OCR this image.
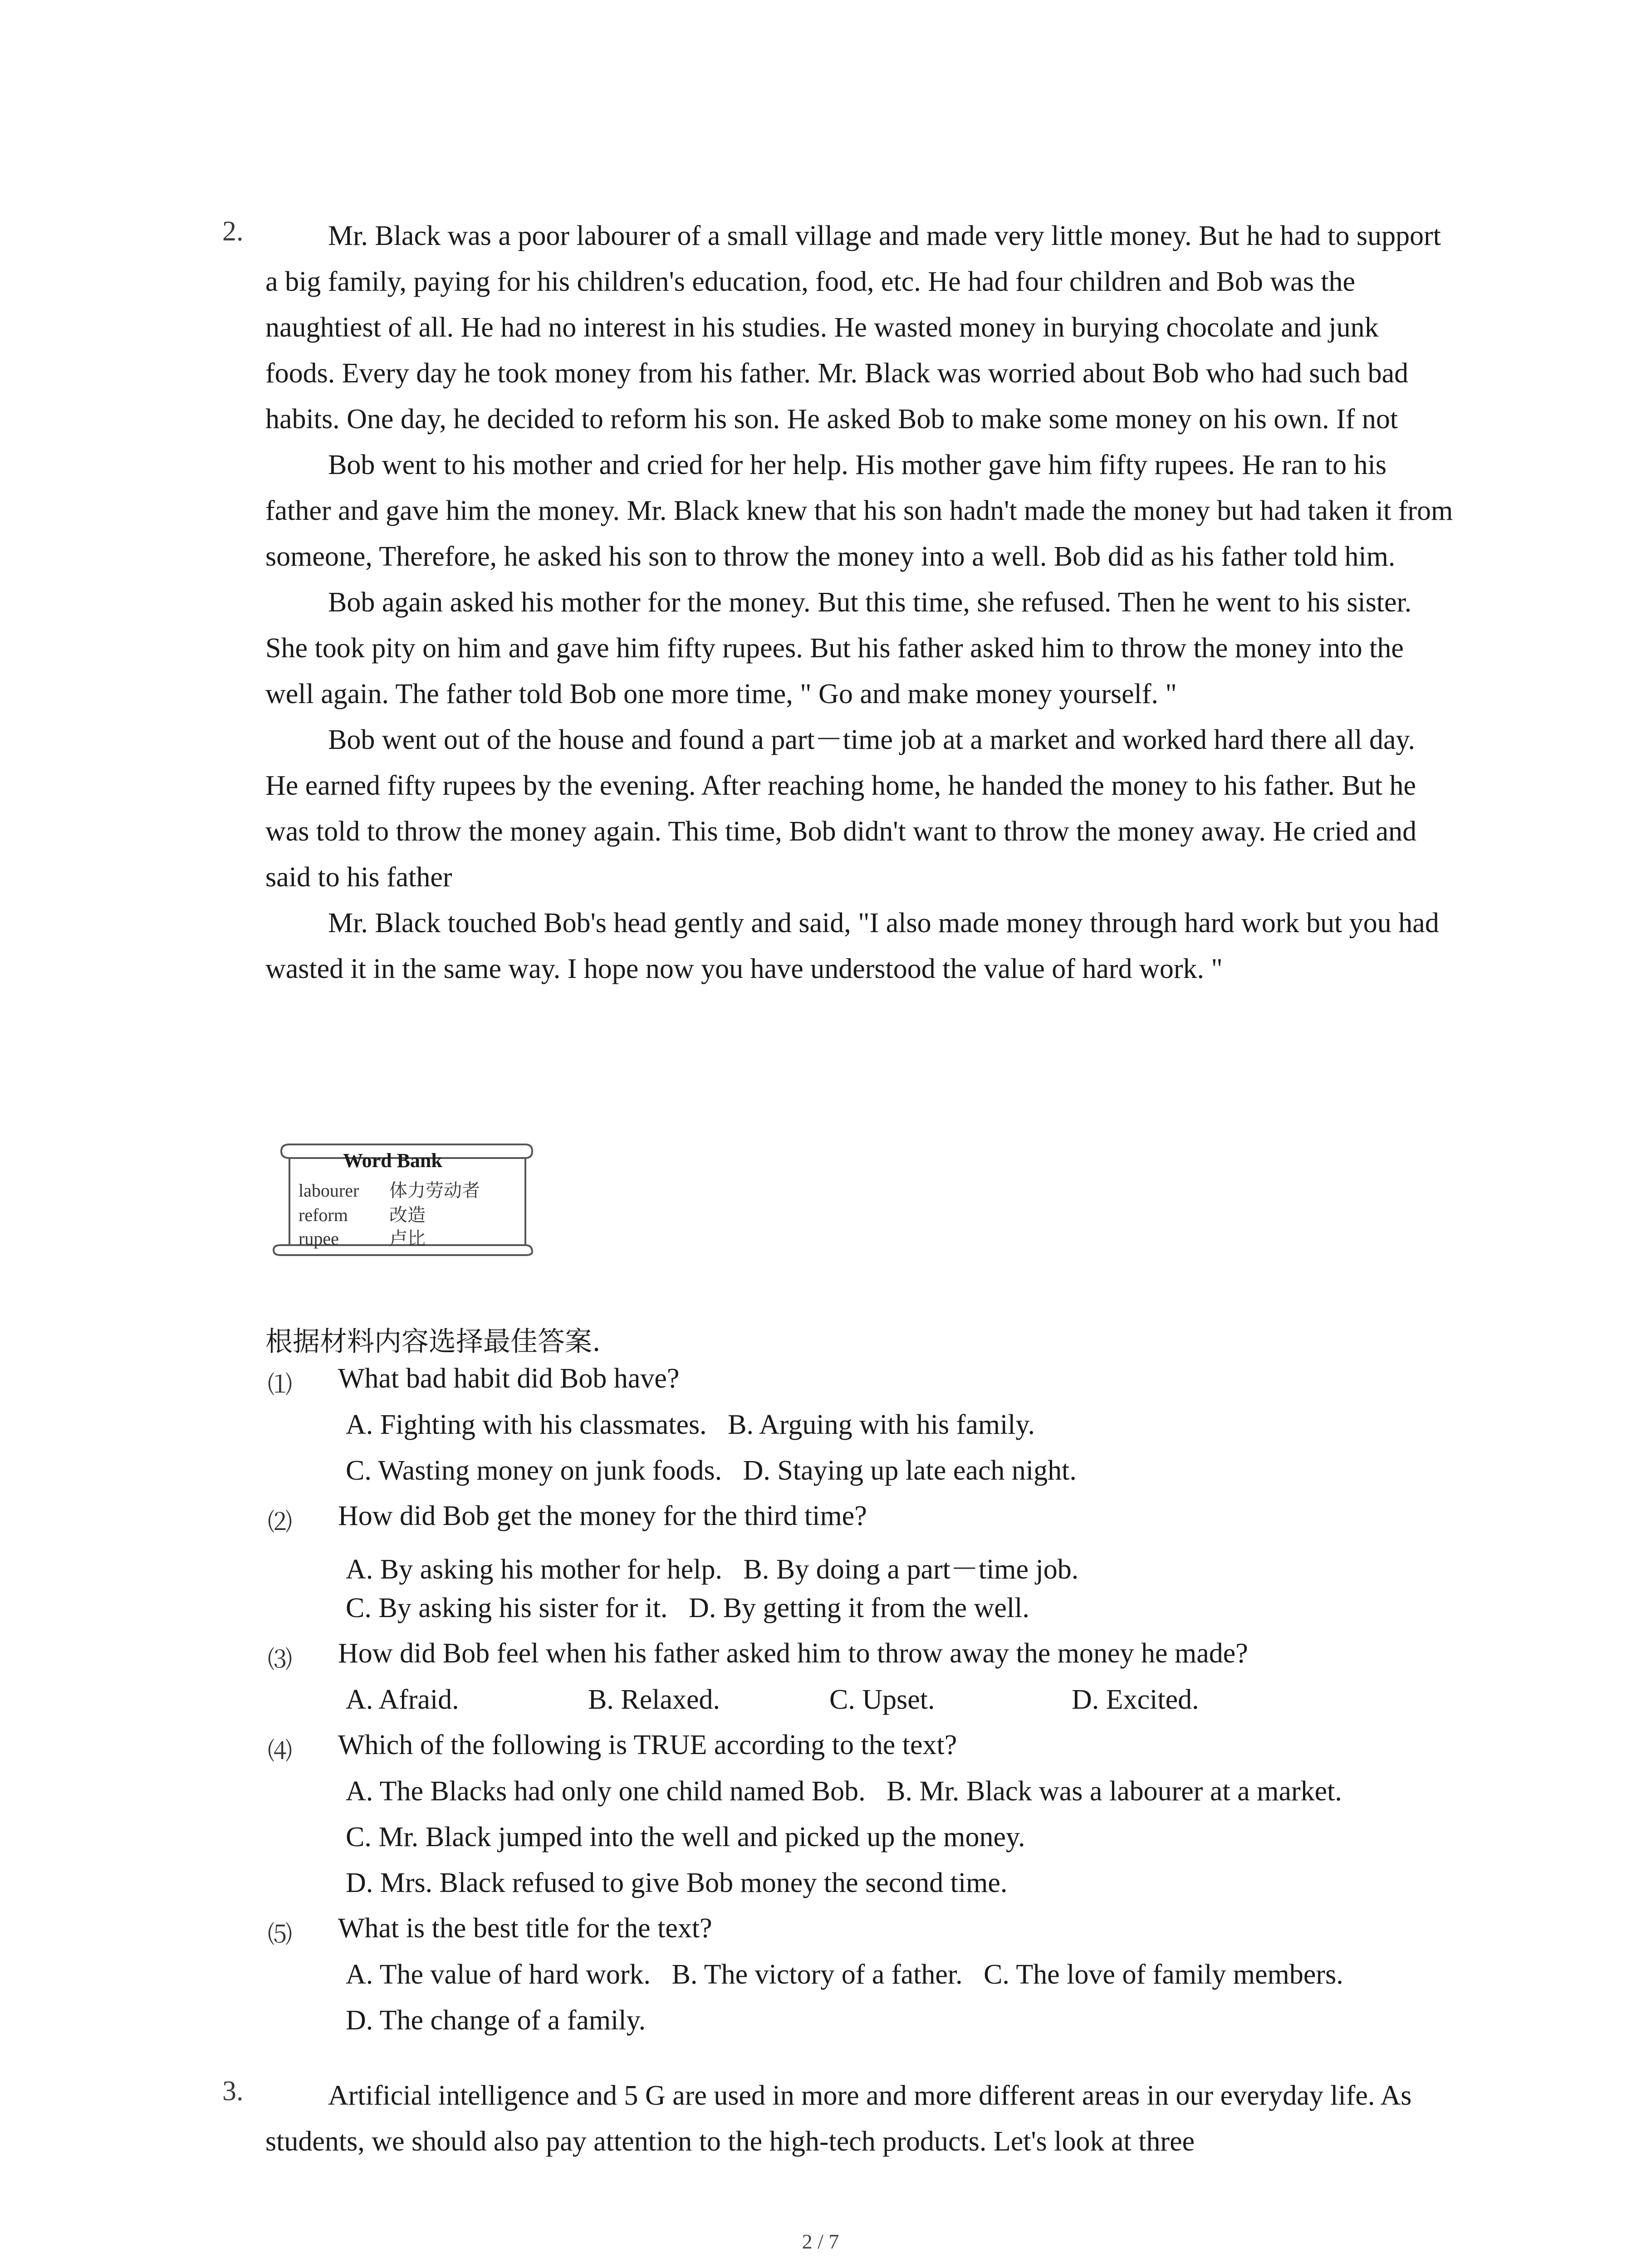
2.	Mr. Black was a poor labourer of a small village and made very little money. But he had to support a big family, paying for his children's education, food, etc. He had four children and Bob was the naughtiest of all. He had no interest in his studies. He wasted money in burying chocolate and junk foods. Every day he took money from his father. Mr. Black was worried about Bob who had such bad habits. One day, he decided to reform his son. He asked Bob to make some money on his own. If not

Bob went to his mother and cried for her help. His mother gave him fifty rupees. He ran to his father and gave him the money. Mr. Black knew that his son hadn't made the money but had taken it from someone, Therefore, he asked his son to throw the money into a well. Bob did as his father told him.

Bob again asked his mother for the money. But this time, she refused. Then he went to his sister. She took pity on him and gave him fifty rupees. But his father asked him to throw the money into the well again. The father told Bob one more time, " Go and make money yourself. "

Bob went out of the house and found a part－time job at a market and worked hard there all day. He earned fifty rupees by the evening. After reaching home, he handed the money to his father. But he was told to throw the money again. This time, Bob didn't want to throw the money away. He cried and said to his father

Mr. Black touched Bob's head gently and said, "I also made money through hard work but you had wasted it in the same way. I hope now you have understood the value of hard work. "

Word Bank
labourer 体力劳动者
reform 改造
rupee	卢比
根据材料内容选择最佳答案.
⑴ What bad habit did Bob have?
A. Fighting with his classmates.   B. Arguing with his family.
C. Wasting money on junk foods.   D. Staying up late each night.
⑵ How did Bob get the money for the third time?
A. By asking his mother for help.   B. By doing a part－time job.
C. By asking his sister for it.   D. By getting it from the well.
⑶ How did Bob feel when his father asked him to throw away the money he made?
A. Afraid.	B. Relaxed.	C. Upset.	D. Excited.
⑷ Which of the following is TRUE according to the text?
A. The Blacks had only one child named Bob.   B. Mr. Black was a labourer at a market.
C. Mr. Black jumped into the well and picked up the money.
D. Mrs. Black refused to give Bob money the second time.
⑸ What is the best title for the text?
A. The value of hard work.   B. The victory of a father.   C. The love of family members.
D. The change of a family.
3.	Artificial intelligence and 5 G are used in more and more different areas in our everyday life. As students, we should also pay attention to the high-tech products. Let's look at three

2 / 7
